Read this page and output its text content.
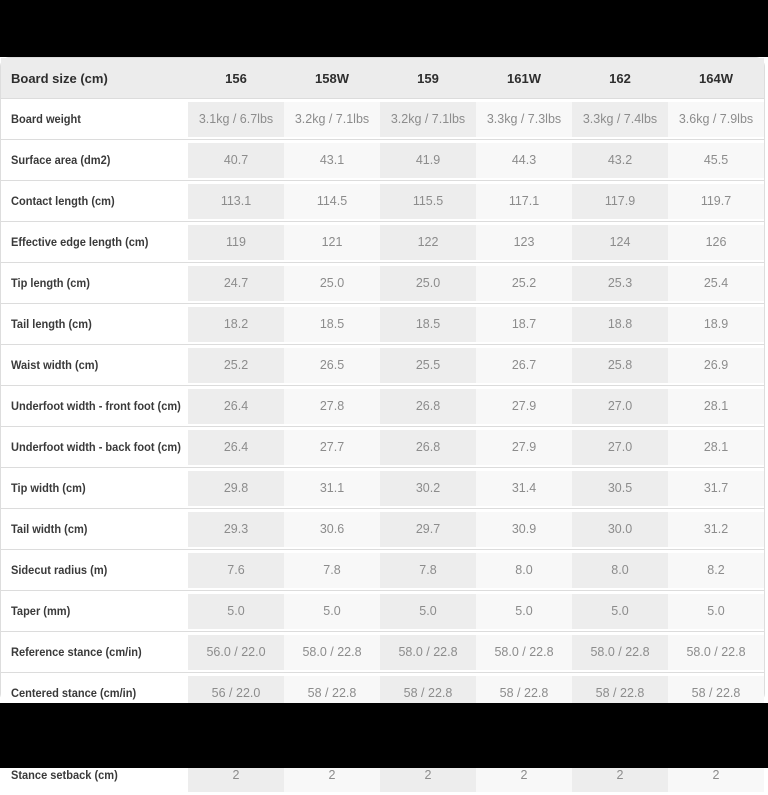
Board size (cm)	156	158W	159	161W	162	164W
Board weight	3.1kg / 6.7lbs	3.2kg / 7.1lbs	3.2kg / 7.1lbs	3.3kg / 7.3lbs	3.3kg / 7.4lbs	3.6kg / 7.9lbs
Surface area (dm2)	40.7	43.1	41.9	44.3	43.2	45.5
Contact length (cm)	113.1	114.5	115.5	117.1	117.9	119.7
Effective edge length (cm)	119	121	122	123	124	126
Tip length (cm)	24.7	25.0	25.0	25.2	25.3	25.4
Tail length (cm)	18.2	18.5	18.5	18.7	18.8	18.9
Waist width (cm)	25.2	26.5	25.5	26.7	25.8	26.9
Underfoot width - front foot (cm)	26.4	27.8	26.8	27.9	27.0	28.1
Underfoot width - back foot (cm)	26.4	27.7	26.8	27.9	27.0	28.1
Tip width (cm)	29.8	31.1	30.2	31.4	30.5	31.7
Tail width (cm)	29.3	30.6	29.7	30.9	30.0	31.2
Sidecut radius (m)	7.6	7.8	7.8	8.0	8.0	8.2
Taper (mm)	5.0	5.0	5.0	5.0	5.0	5.0
Reference stance (cm/in)	56.0 / 22.0	58.0 / 22.8	58.0 / 22.8	58.0 / 22.8	58.0 / 22.8	58.0 / 22.8
Centered stance (cm/in)	56 / 22.0	58 / 22.8	58 / 22.8	58 / 22.8	58 / 22.8	58 / 22.8

Stance setback (cm)	2	2	2	2	2	2
